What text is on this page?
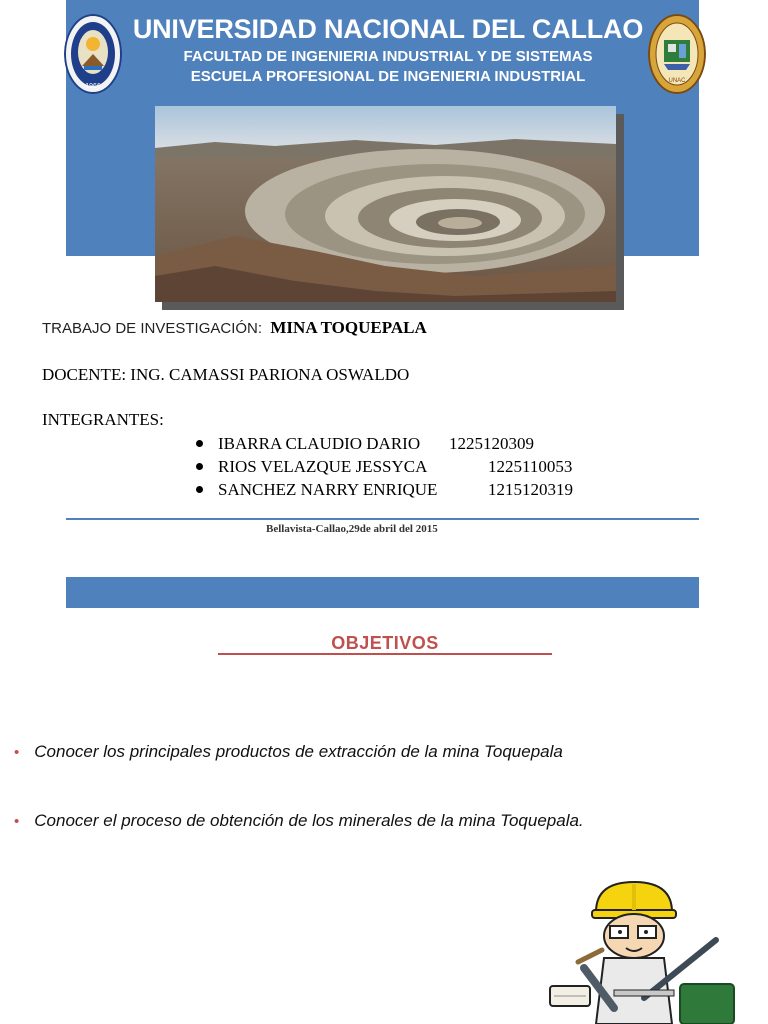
1966
UNIVERSIDAD NACIONAL DEL CALLAO
FACULTAD DE INGENIERIA INDUSTRIAL Y DE SISTEMAS
ESCUELA PROFESIONAL DE INGENIERIA INDUSTRIAL	UNAC
TRABAJO DE INVESTIGACIÓN: MINA TOQUEPALA
DOCENTE: ING. CAMASSI PARIONA OSWALDO
INTEGRANTES:
IBARRA CLAUDIO DARIO 1225120309
RIOS VELAZQUE JESSYCA	1225110053
SANCHEZ NARRY ENRIQUE	1215120319
Bellavista-Callao,29de abril del 2015
OBJETIVOS
• Conocer los principales productos de extracción de la mina Toquepala
• Conocer el proceso de obtención de los minerales de la mina Toquepala.
